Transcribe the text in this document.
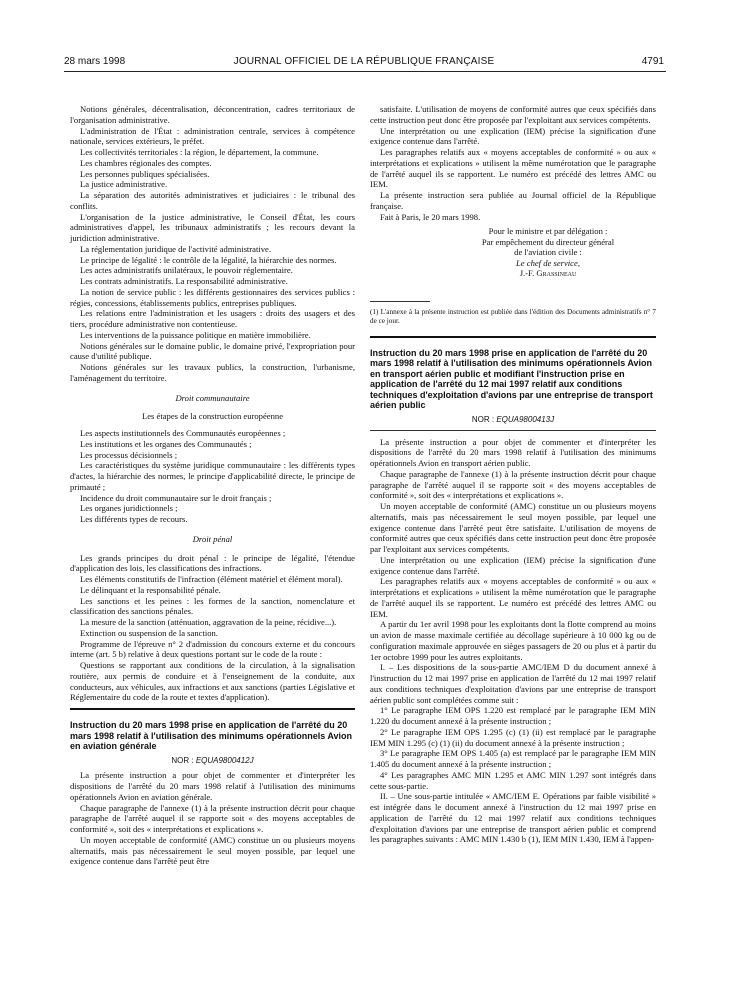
28 mars 1998	JOURNAL OFFICIEL DE LA RÉPUBLIQUE FRANÇAISE	4791

Notions générales, décentralisation, déconcentration, cadres territoriaux de l'organisation administrative.

L'administration de l'État : administration centrale, services à compétence nationale, services extérieurs, le préfet.

Les collectivités territoriales : la région, le département, la commune.

Les chambres régionales des comptes.

Les personnes publiques spécialisées.

La justice administrative.

La séparation des autorités administratives et judiciaires : le tribunal des conflits.

L'organisation de la justice administrative, le Conseil d'État, les cours administratives d'appel, les tribunaux administratifs ; les recours devant la juridiction administrative.

La réglementation juridique de l'activité administrative.

Le principe de légalité : le contrôle de la légalité, la hiérarchie des normes.

Les actes administratifs unilatéraux, le pouvoir réglementaire.

Les contrats administratifs. La responsabilité administrative.

La notion de service public : les différents gestionnaires des services publics : régies, concessions, établissements publics, entreprises publiques.

Les relations entre l'administration et les usagers : droits des usagers et des tiers, procédure administrative non contentieuse.

Les interventions de la puissance politique en matière immobilière.

Notions générales sur le domaine public, le domaine privé, l'expropriation pour cause d'utilité publique.

Notions générales sur les travaux publics, la construction, l'urbanisme, l'aménagement du territoire.

Droit communautaire
Les étapes de la construction européenne

Les aspects institutionnels des Communautés européennes ;

Les institutions et les organes des Communautés ;

Les processus décisionnels ;

Les caractéristiques du système juridique communautaire : les différents types d'actes, la hiérarchie des normes, le principe d'applicabilité directe, le principe de primauté ;

Incidence du droit communautaire sur le droit français ;

Les organes juridictionnels ;

Les différents types de recours.

Droit pénal

Les grands principes du droit pénal : le principe de légalité, l'étendue d'application des lois, les classifications des infractions.

Les éléments constitutifs de l'infraction (élément matériel et élément moral).

Le délinquant et la responsabilité pénale.

Les sanctions et les peines : les formes de la sanction, nomenclature et classification des sanctions pénales.

La mesure de la sanction (atténuation, aggravation de la peine, récidive...).

Extinction ou suspension de la sanction.

Programme de l'épreuve n° 2 d'admission du concours externe et du concours interne (art. 5 b) relative à deux questions portant sur le code de la route :

Questions se rapportant aux conditions de la circulation, à la signalisation routière, aux permis de conduire et à l'enseignement de la conduite, aux conducteurs, aux véhicules, aux infractions et aux sanctions (parties Législative et Réglementaire du code de la route et textes d'application).

Instruction du 20 mars 1998 prise en application de l'arrêté du 20 mars 1998 relatif à l'utilisation des minimums opérationnels Avion en aviation générale
NOR : EQUA9800412J

La présente instruction a pour objet de commenter et d'interpréter les dispositions de l'arrêté du 20 mars 1998 relatif à l'utilisation des minimums opérationnels Avion en aviation générale.

Chaque paragraphe de l'annexe (1) à la présente instruction décrit pour chaque paragraphe de l'arrêté auquel il se rapporte soit « des moyens acceptables de conformité », soit des « interprétations et explications ».

Un moyen acceptable de conformité (AMC) constitue un ou plusieurs moyens alternatifs, mais pas nécessairement le seul moyen possible, par lequel une exigence contenue dans l'arrêté peut être

satisfaite. L'utilisation de moyens de conformité autres que ceux spécifiés dans cette instruction peut donc être proposée par l'exploitant aux services compétents.

Une interprétation ou une explication (IEM) précise la signification d'une exigence contenue dans l'arrêté.

Les paragraphes relatifs aux « moyens acceptables de conformité » ou aux « interprétations et explications » utilisent la même numérotation que le paragraphe de l'arrêté auquel ils se rapportent. Le numéro est précédé des lettres AMC ou IEM.

La présente instruction sera publiée au Journal officiel de la République française.

Fait à Paris, le 20 mars 1998.

Pour le ministre et par délégation :
Par empêchement du directeur général
de l'aviation civile :
Le chef de service,
J.-F. Grassineau
(1) L'annexe à la présente instruction est publiée dans l'édition des Documents administratifs n° 7 de ce jour.
Instruction du 20 mars 1998 prise en application de l'arrêté du 20 mars 1998 relatif à l'utilisation des minimums opérationnels Avion en transport aérien public et modifiant l'instruction prise en application de l'arrêté du 12 mai 1997 relatif aux conditions techniques d'exploitation d'avions par une entreprise de transport aérien public
NOR : EQUA9800413J

La présente instruction a pour objet de commenter et d'interpréter les dispositions de l'arrêté du 20 mars 1998 relatif à l'utilisation des minimums opérationnels Avion en transport aérien public.

Chaque paragraphe de l'annexe (1) à la présente instruction décrit pour chaque paragraphe de l'arrêté auquel il se rapporte soit « des moyens acceptables de conformité », soit des « interprétations et explications ».

Un moyen acceptable de conformité (AMC) constitue un ou plusieurs moyens alternatifs, mais pas nécessairement le seul moyen possible, par lequel une exigence contenue dans l'arrêté peut être satisfaite. L'utilisation de moyens de conformité autres que ceux spécifiés dans cette instruction peut donc être proposée par l'exploitant aux services compétents.

Une interprétation ou une explication (IEM) précise la signification d'une exigence contenue dans l'arrêté.

Les paragraphes relatifs aux « moyens acceptables de conformité » ou aux « interprétations et explications » utilisent la même numérotation que le paragraphe de l'arrêté auquel ils se rapportent. Le numéro est précédé des lettres AMC ou IEM.

A partir du 1er avril 1998 pour les exploitants dont la flotte comprend au moins un avion de masse maximale certifiée au décollage supérieure à 10 000 kg ou de configuration maximale approuvée en sièges passagers de 20 ou plus et à partir du 1er octobre 1999 pour les autres exploitants.

I. – Les dispositions de la sous-partie AMC/IEM D du document annexé à l'instruction du 12 mai 1997 prise en application de l'arrêté du 12 mai 1997 relatif aux conditions techniques d'exploitation d'avions par une entreprise de transport aérien public sont complétées comme suit :

1° Le paragraphe IEM OPS 1.220 est remplacé par le paragraphe IEM MIN 1.220 du document annexé à la présente instruction ;

2° Le paragraphe IEM OPS 1.295 (c) (1) (ii) est remplacé par le paragraphe IEM MIN 1.295 (c) (1) (ii) du document annexé à la présente instruction ;

3° Le paragraphe IEM OPS 1.405 (a) est remplacé par le paragraphe IEM MIN 1.405 du document annexé à la présente instruction ;

4° Les paragraphes AMC MIN 1.295 et AMC MIN 1.297 sont intégrés dans cette sous-partie.

II. – Une sous-partie intitulée « AMC/IEM E. Opérations par faible visibilité » est intégrée dans le document annexé à l'instruction du 12 mai 1997 prise en application de l'arrêté du 12 mai 1997 relatif aux conditions techniques d'exploitation d'avions par une entreprise de transport aérien public et comprend les paragraphes suivants : AMC MIN 1.430 b (1), IEM MIN 1.430, IEM à l'appen-
